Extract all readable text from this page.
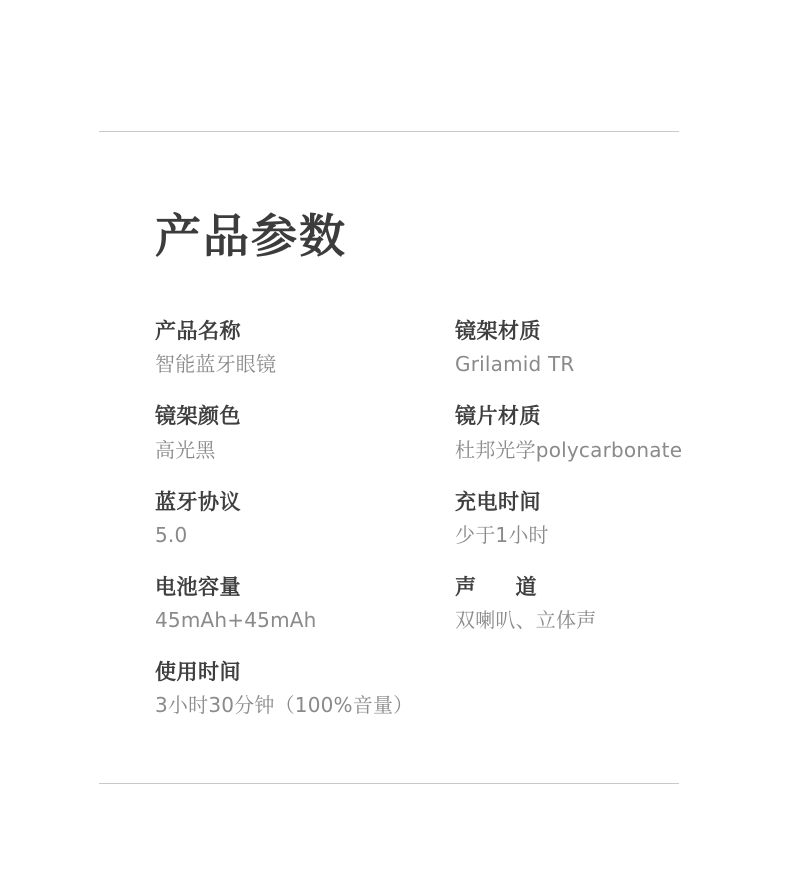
产品参数
产品名称
智能蓝牙眼镜
镜架材质
Grilamid TR
镜架颜色
高光黑
镜片材质
杜邦光学polycarbonate
蓝牙协议
5.0
充电时间
少于1小时
电池容量
45mAh+45mAh
声     道
双喇叭、立体声
使用时间
3小时30分钟（100%音量）
